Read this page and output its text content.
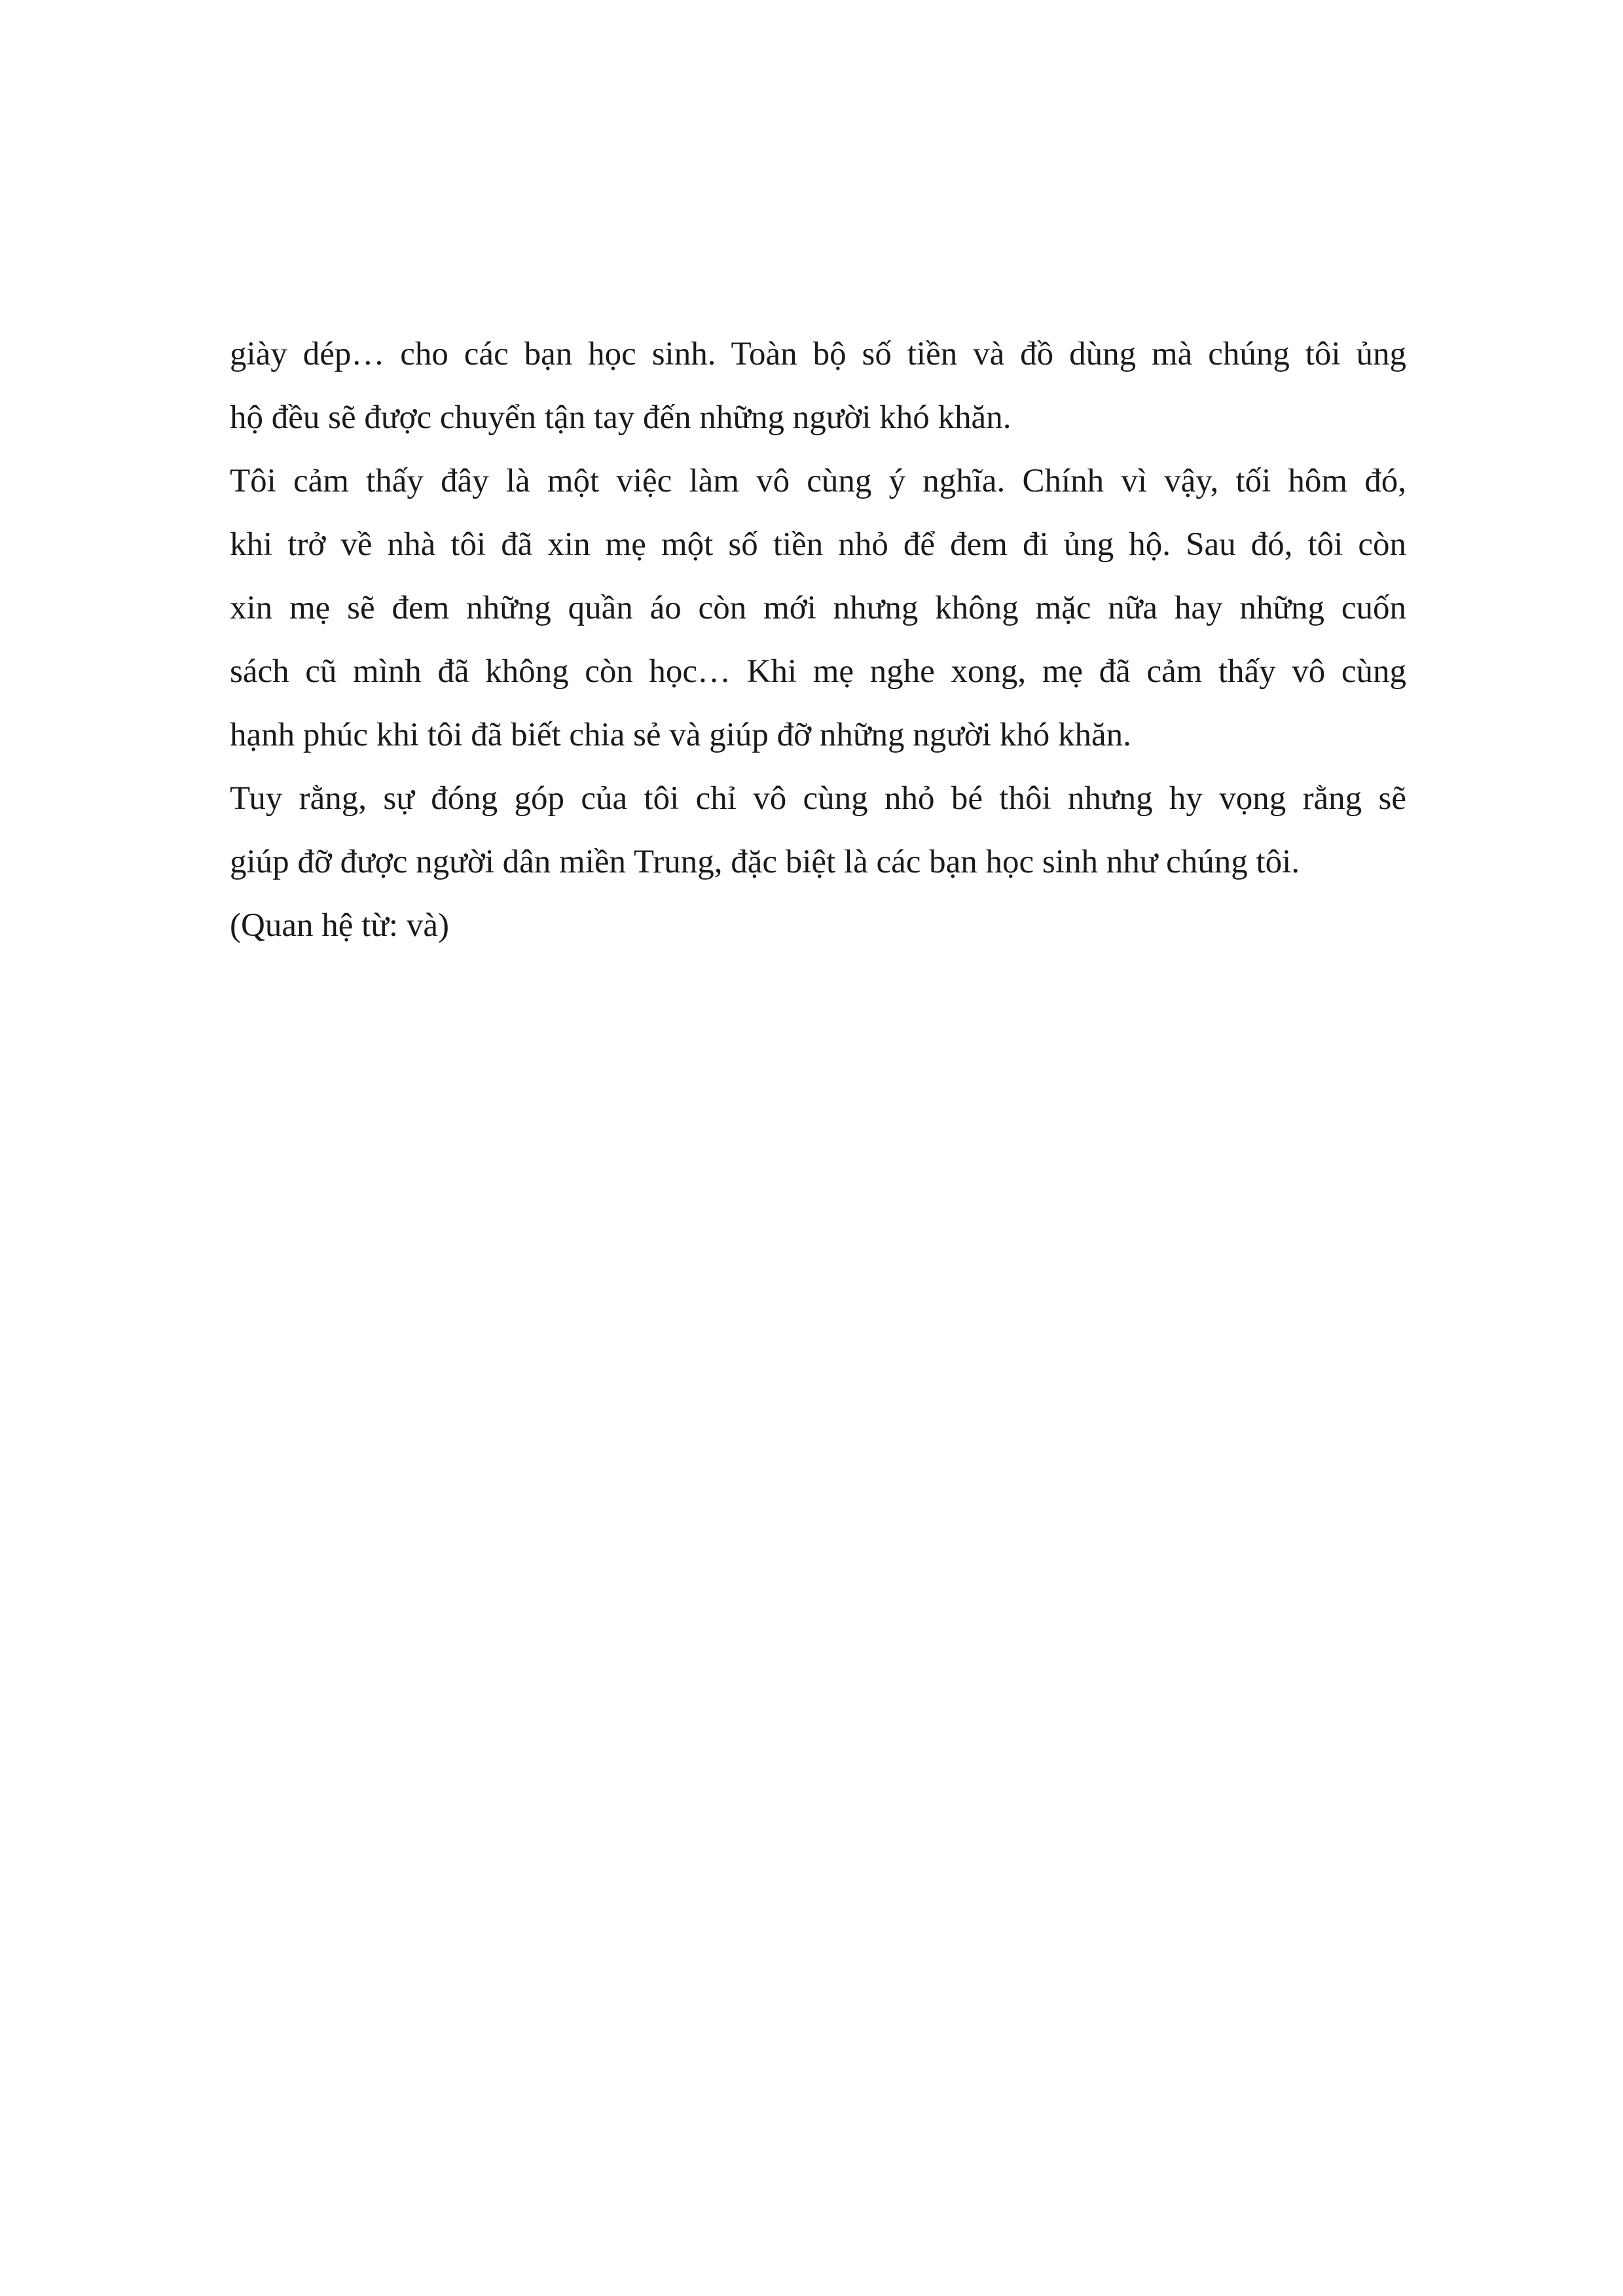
giày dép… cho các bạn học sinh. Toàn bộ số tiền và đồ dùng mà chúng tôi ủng
hộ đều sẽ được chuyển tận tay đến những người khó khăn.
Tôi cảm thấy đây là một việc làm vô cùng ý nghĩa. Chính vì vậy, tối hôm đó,
khi trở về nhà tôi đã xin mẹ một số tiền nhỏ để đem đi ủng hộ. Sau đó, tôi còn
xin mẹ sẽ đem những quần áo còn mới nhưng không mặc nữa hay những cuốn
sách cũ mình đã không còn học… Khi mẹ nghe xong, mẹ đã cảm thấy vô cùng
hạnh phúc khi tôi đã biết chia sẻ và giúp đỡ những người khó khăn.
Tuy rằng, sự đóng góp của tôi chỉ vô cùng nhỏ bé thôi nhưng hy vọng rằng sẽ
giúp đỡ được người dân miền Trung, đặc biệt là các bạn học sinh như chúng tôi.
(Quan hệ từ: và)
